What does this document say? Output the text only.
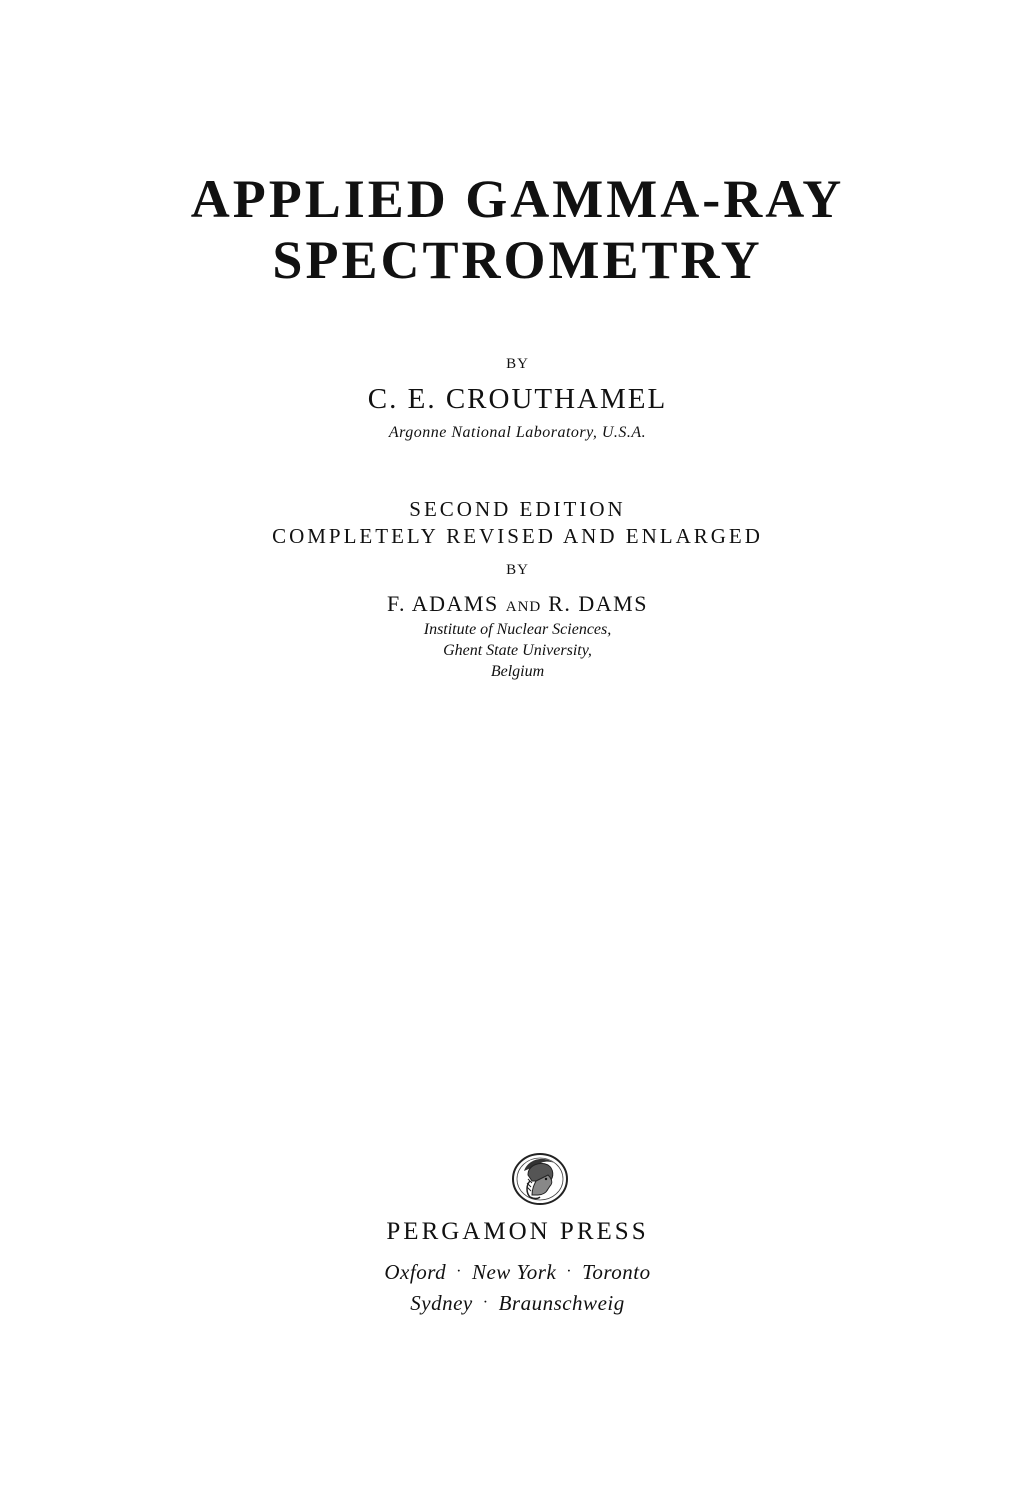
APPLIED GAMMA-RAY
SPECTROMETRY
BY
C. E. CROUTHAMEL
Argonne National Laboratory, U.S.A.
SECOND EDITION
COMPLETELY REVISED AND ENLARGED
BY
F. ADAMS AND R. DAMS
Institute of Nuclear Sciences,
Ghent State University,
Belgium
PERGAMON PRESS
Oxford · New York · Toronto
Sydney · Braunschweig
